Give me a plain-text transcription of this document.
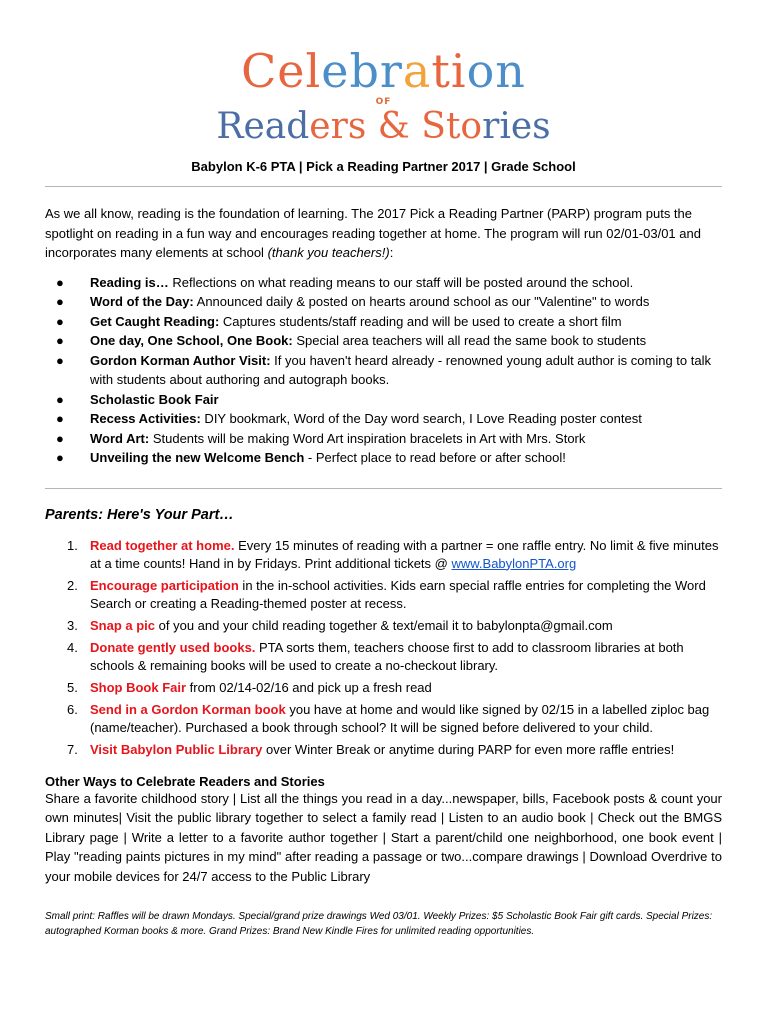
Celebration
OF
Readers & Stories
Babylon K-6 PTA | Pick a Reading Partner 2017 | Grade School
As we all know, reading is the foundation of learning. The 2017 Pick a Reading Partner (PARP) program puts the spotlight on reading in a fun way and encourages reading together at home. The program will run 02/01-03/01 and incorporates many elements at school (thank you teachers!):
● Reading is… Reflections on what reading means to our staff will be posted around the school.
● Word of the Day: Announced daily & posted on hearts around school as our "Valentine" to words
● Get Caught Reading: Captures students/staff reading and will be used to create a short film
● One day, One School, One Book: Special area teachers will all read the same book to students
● Gordon Korman Author Visit: If you haven't heard already - renowned young adult author is coming to talk with students about authoring and autograph books.
● Scholastic Book Fair
● Recess Activities: DIY bookmark, Word of the Day word search, I Love Reading poster contest
● Word Art: Students will be making Word Art inspiration bracelets in Art with Mrs. Stork
● Unveiling the new Welcome Bench - Perfect place to read before or after school!
Parents: Here's Your Part…
1. Read together at home. Every 15 minutes of reading with a partner = one raffle entry. No limit & five minutes at a time counts! Hand in by Fridays. Print additional tickets @ www.BabylonPTA.org
2. Encourage participation in the in-school activities. Kids earn special raffle entries for completing the Word Search or creating a Reading-themed poster at recess.
3. Snap a pic of you and your child reading together & text/email it to babylonpta@gmail.com
4. Donate gently used books. PTA sorts them, teachers choose first to add to classroom libraries at both schools & remaining books will be used to create a no-checkout library.
5. Shop Book Fair from 02/14-02/16 and pick up a fresh read
6. Send in a Gordon Korman book you have at home and would like signed by 02/15 in a labelled ziploc bag (name/teacher). Purchased a book through school? It will be signed before delivered to your child.
7. Visit Babylon Public Library over Winter Break or anytime during PARP for even more raffle entries!
Other Ways to Celebrate Readers and Stories
Share a favorite childhood story | List all the things you read in a day...newspaper, bills, Facebook posts & count your own minutes| Visit the public library together to select a family read | Listen to an audio book | Check out the BMGS Library page | Write a letter to a favorite author together | Start a parent/child one neighborhood, one book event | Play "reading paints pictures in my mind" after reading a passage or two...compare drawings | Download Overdrive to your mobile devices for 24/7 access to the Public Library
Small print: Raffles will be drawn Mondays. Special/grand prize drawings Wed 03/01. Weekly Prizes: $5 Scholastic Book Fair gift cards. Special Prizes: autographed Korman books & more. Grand Prizes: Brand New Kindle Fires for unlimited reading opportunities.
